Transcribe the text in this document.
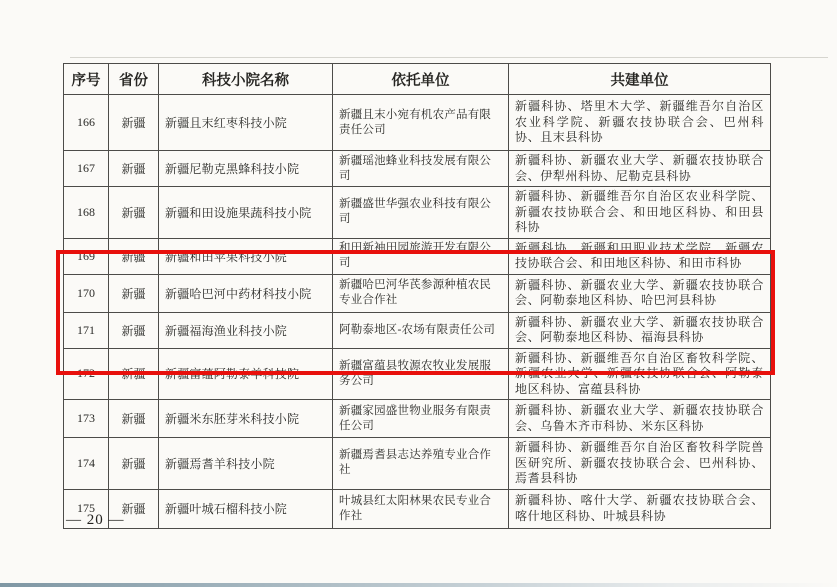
序号	省份	科技小院名称	依托单位	共建单位
166	新疆	新疆且末红枣科技小院	新疆且末小宛有机农产品有限责任公司	新疆科协、塔里木大学、新疆维吾尔自治区农业科学院、新疆农技协联合会、巴州科协、且末县科协
167	新疆	新疆尼勒克黑蜂科技小院	新疆瑶池蜂业科技发展有限公司	新疆科协、新疆农业大学、新疆农技协联合会、伊犁州科协、尼勒克县科协
168	新疆	新疆和田设施果蔬科技小院	新疆盛世华强农业科技有限公司	新疆科协、新疆维吾尔自治区农业科学院、新疆农技协联合会、和田地区科协、和田县科协
169	新疆	新疆和田苹果科技小院	和田新袖田园旅游开发有限公司	新疆科协、新疆和田职业技术学院、新疆农技协联合会、和田地区科协、和田市科协
170	新疆	新疆哈巴河中药材科技小院	新疆哈巴河华芪参源种植农民专业合作社	新疆科协、新疆农业大学、新疆农技协联合会、阿勒泰地区科协、哈巴河县科协
171	新疆	新疆福海渔业科技小院	阿勒泰地区-农场有限责任公司	新疆科协、新疆农业大学、新疆农技协联合会、阿勒泰地区科协、福海县科协
172	新疆	新疆富蕴阿勒泰羊科技院	新疆富蕴县牧源农牧业发展服务公司	新疆科协、新疆维吾尔自治区畜牧科学院、新疆农业大学、新疆农技协联合会、阿勒泰地区科协、富蕴县科协
173	新疆	新疆米东胚芽米科技小院	新疆家园盛世物业服务有限责任公司	新疆科协、新疆农业大学、新疆农技协联合会、乌鲁木齐市科协、米东区科协
174	新疆	新疆焉耆羊科技小院	新疆焉耆县志达养殖专业合作社	新疆科协、新疆维吾尔自治区畜牧科学院兽医研究所、新疆农技协联合会、巴州科协、焉耆县科协
175	新疆	新疆叶城石榴科技小院	叶城县红太阳林果农民专业合作社	新疆科协、喀什大学、新疆农技协联合会、喀什地区科协、叶城县科协
— 20 —
